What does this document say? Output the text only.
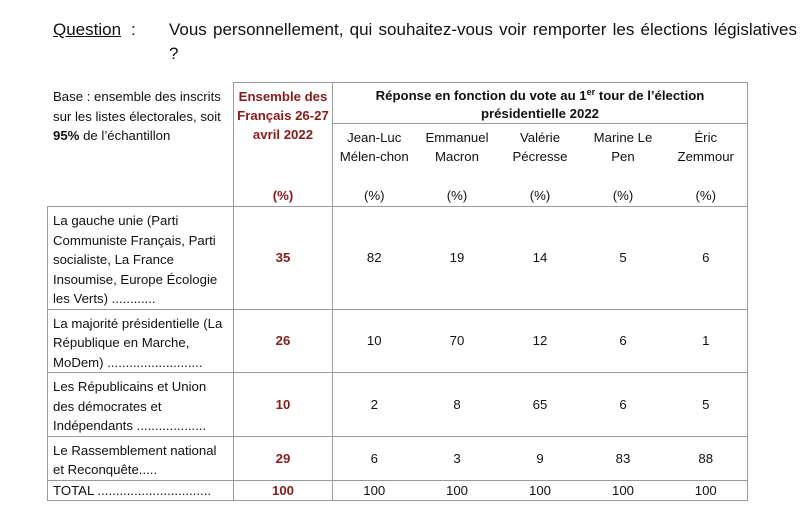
Question : Vous personnellement, qui souhaitez-vous voir remporter les élections législatives ?
Base : ensemble des inscrits sur les listes électorales, soit 95% de l’échantillon
	Ensemble des Français 26-27 avril 2022	Réponse en fonction du vote au 1er tour de l’élection présidentielle 2022				
		Jean-Luc Mélen-chon	Emmanuel Macron	Valérie Pécresse	Marine Le Pen	Éric Zemmour
	(%)	(%)	(%)	(%)	(%)	(%)
La gauche unie (Parti Communiste Français, Parti socialiste, La France Insoumise, Europe Écologie les Verts) ............	35	82	19	14	5	6
La majorité présidentielle (La République en Marche, MoDem) ..........................	26	10	70	12	6	1
Les Républicains et Union des démocrates et Indépendants ...................	10	2	8	65	6	5
Le Rassemblement national et Reconquête.....	29	6	3	9	83	88
TOTAL ...............................	100	100	100	100	100	100
